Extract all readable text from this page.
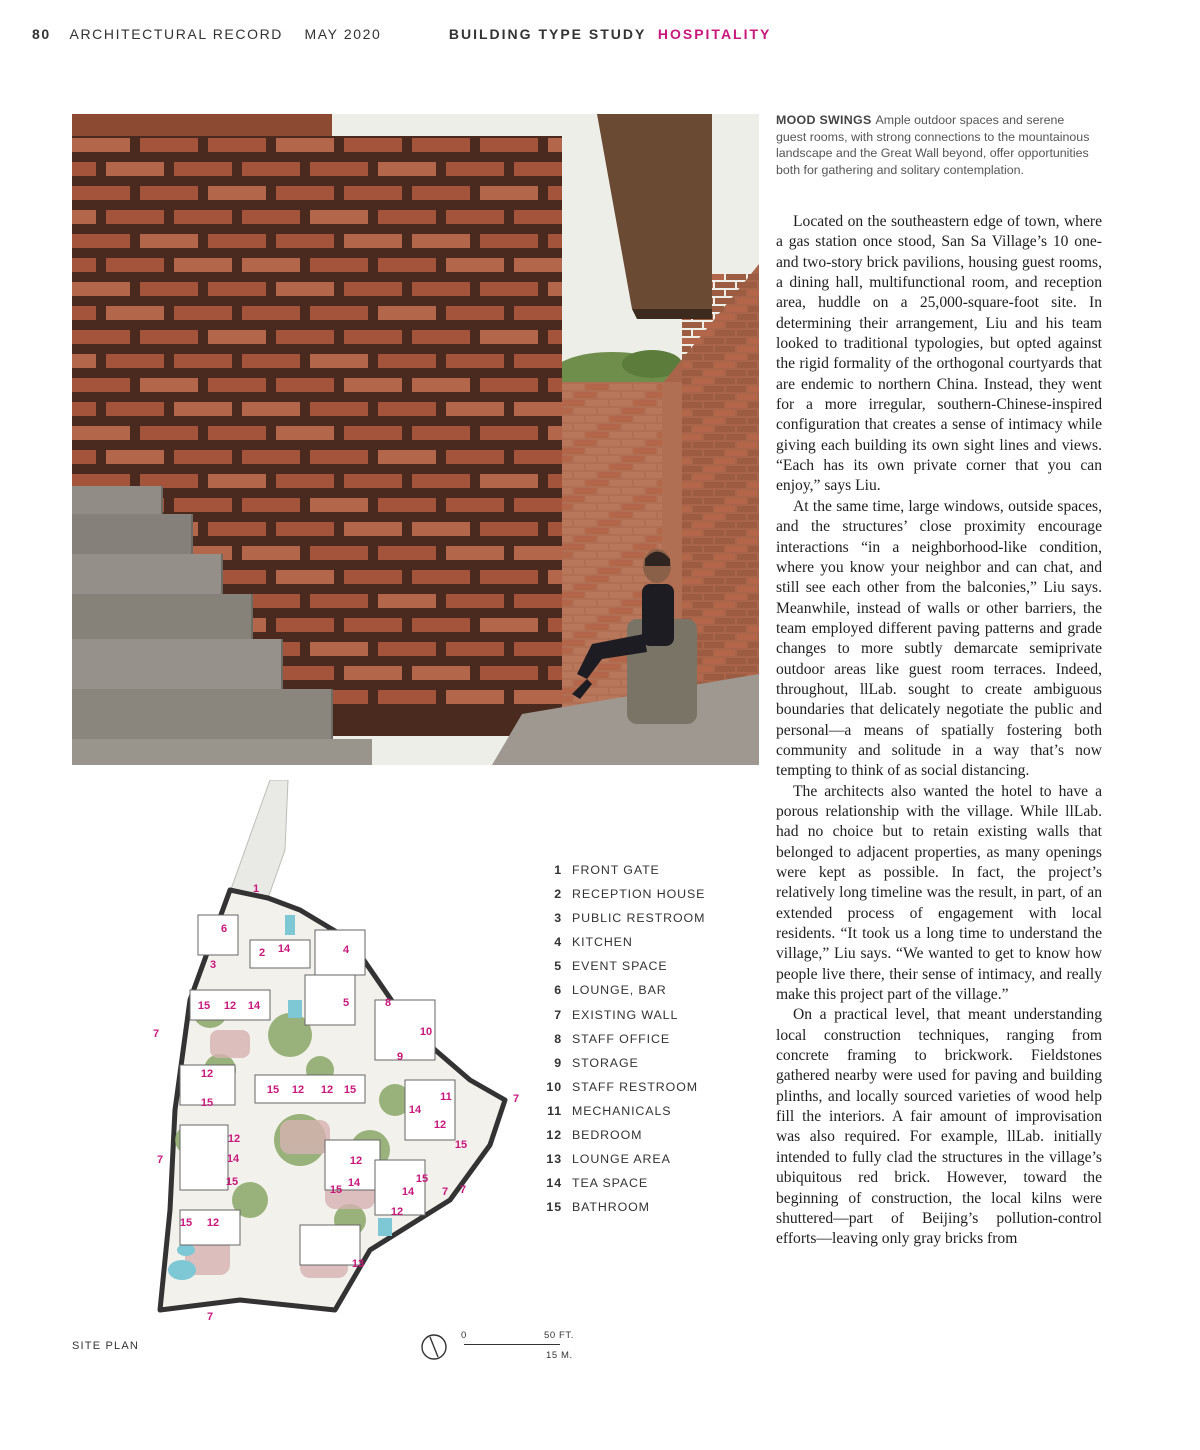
80 ARCHITECTURAL RECORD MAY 2020	BUILDING TYPE STUDY HOSPITALITY
MOOD SWINGS Ample outdoor spaces and serene guest rooms, with strong connections to the mountainous landscape and the Great Wall beyond, offer opportunities both for gathering and solitary contemplation.

Located on the southeastern edge of town, where a gas station once stood, San Sa Village’s 10 one- and two-story brick pavilions, housing guest rooms, a dining hall, multifunctional room, and reception area, huddle on a 25,000-square-foot site. In determining their arrangement, Liu and his team looked to traditional typologies, but opted against the rigid formality of the orthogonal courtyards that are endemic to northern China. Instead, they went for a more irregular, southern-Chinese-inspired configuration that creates a sense of intimacy while giving each building its own sight lines and views. “Each has its own private corner that you can enjoy,” says Liu.

At the same time, large windows, outside spaces, and the structures’ close proximity encourage interactions “in a neighborhood-like condition, where you know your neighbor and can chat, and still see each other from the balconies,” Liu says. Meanwhile, instead of walls or other barriers, the team employed different paving patterns and grade changes to more subtly demarcate semiprivate outdoor areas like guest room terraces. Indeed, throughout, llLab. sought to create ambiguous boundaries that delicately negotiate the public and personal—a means of spatially fostering both community and solitude in a way that’s now tempting to think of as social distancing.

The architects also wanted the hotel to have a porous relationship with the village. While llLab. had no choice but to retain existing walls that belonged to adjacent properties, as many openings were kept as possible. In fact, the project’s relatively long timeline was the result, in part, of an extended process of engagement with local residents. “It took us a long time to understand the village,” Liu says. “We wanted to get to know how people live there, their sense of intimacy, and really make this project part of the village.”

On a practical level, that meant understanding local construction techniques, ranging from concrete framing to brickwork. Fieldstones gathered nearby were used for paving and building plinths, and locally sourced varieties of wood help fill the interiors. A fair amount of improvisation was also required. For example, llLab. initially intended to fully clad the structures in the village’s ubiquitous red brick. However, toward the beginning of construction, the local kilns were shuttered—part of Beijing’s pollution-control efforts—leaving only gray bricks from

1
2
3
4
5
6
7
7
7
7
7
7
8
9
10
11
12
12
12 12
12
12
12
12
12
13
14
14
14
14
14
14
15
15
15	15
15
15
15
15
15
1 FRONT GATE
2 RECEPTION HOUSE
3 PUBLIC RESTROOM
4 KITCHEN
5 EVENT SPACE
6 LOUNGE, BAR
7 EXISTING WALL
8 STAFF OFFICE
9 STORAGE
10 STAFF RESTROOM
11 MECHANICALS
12 BEDROOM
13 LOUNGE AREA
14 TEA SPACE
15 BATHROOM
SITE PLAN
0	50 FT.
15 M.
